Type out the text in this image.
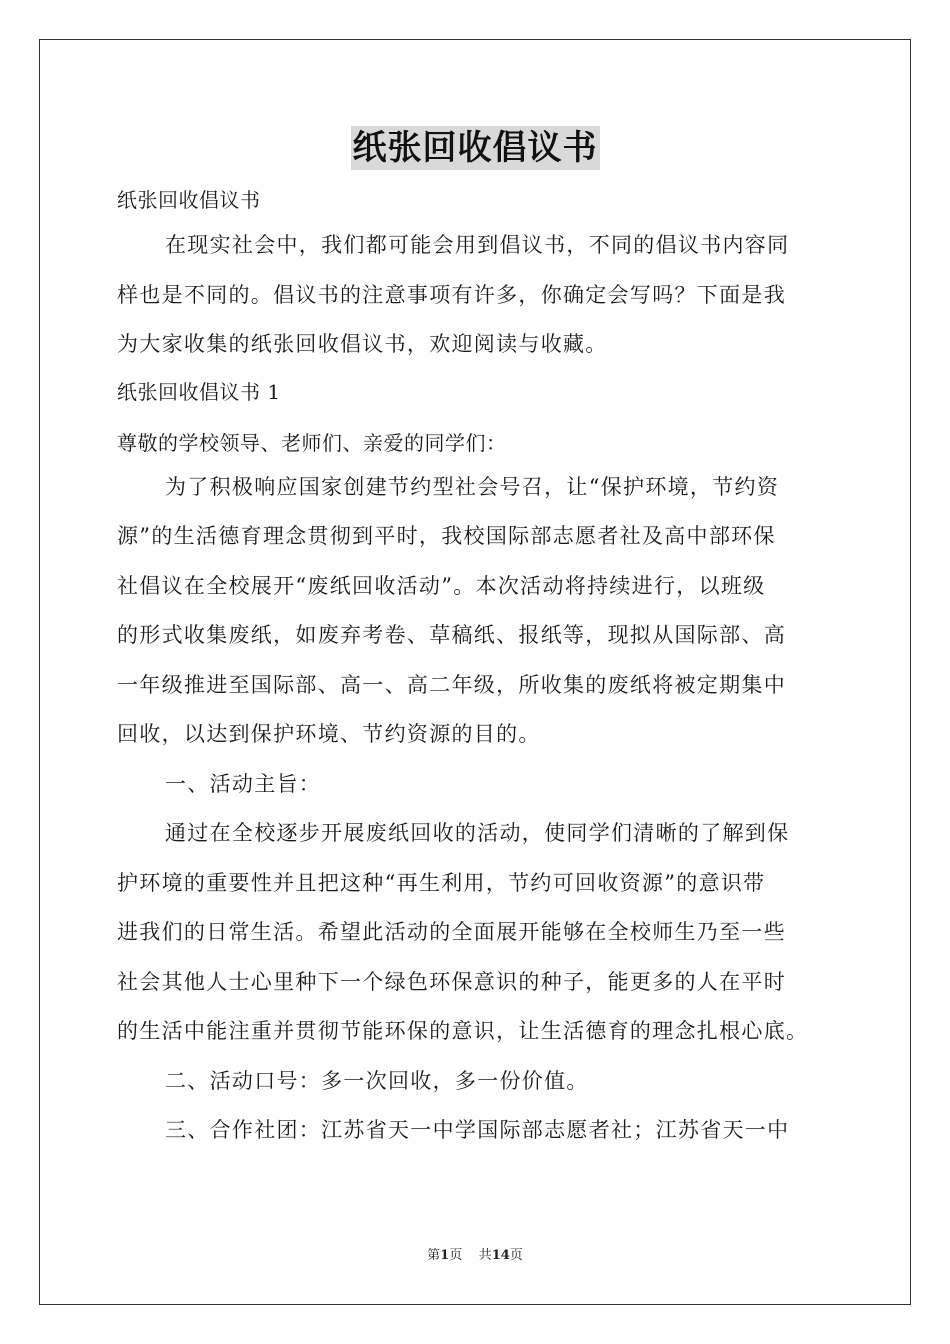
纸张回收倡议书
纸张回收倡议书
在现实社会中，我们都可能会用到倡议书，不同的倡议书内容同
样也是不同的。倡议书的注意事项有许多，你确定会写吗？下面是我
为大家收集的纸张回收倡议书，欢迎阅读与收藏。
纸张回收倡议书 1
尊敬的学校领导、老师们、亲爱的同学们：
为了积极响应国家创建节约型社会号召，让“保护环境，节约资
源”的生活德育理念贯彻到平时，我校国际部志愿者社及高中部环保
社倡议在全校展开“废纸回收活动”。本次活动将持续进行，以班级
的形式收集废纸，如废弃考卷、草稿纸、报纸等，现拟从国际部、高
一年级推进至国际部、高一、高二年级，所收集的废纸将被定期集中
回收，以达到保护环境、节约资源的目的。
一、活动主旨：
通过在全校逐步开展废纸回收的活动，使同学们清晰的了解到保
护环境的重要性并且把这种“再生利用，节约可回收资源”的意识带
进我们的日常生活。希望此活动的全面展开能够在全校师生乃至一些
社会其他人士心里种下一个绿色环保意识的种子，能更多的人在平时
的生活中能注重并贯彻节能环保的意识，让生活德育的理念扎根心底。
二、活动口号：多一次回收，多一份价值。
三、合作社团：江苏省天一中学国际部志愿者社；江苏省天一中
第1页 共14页
